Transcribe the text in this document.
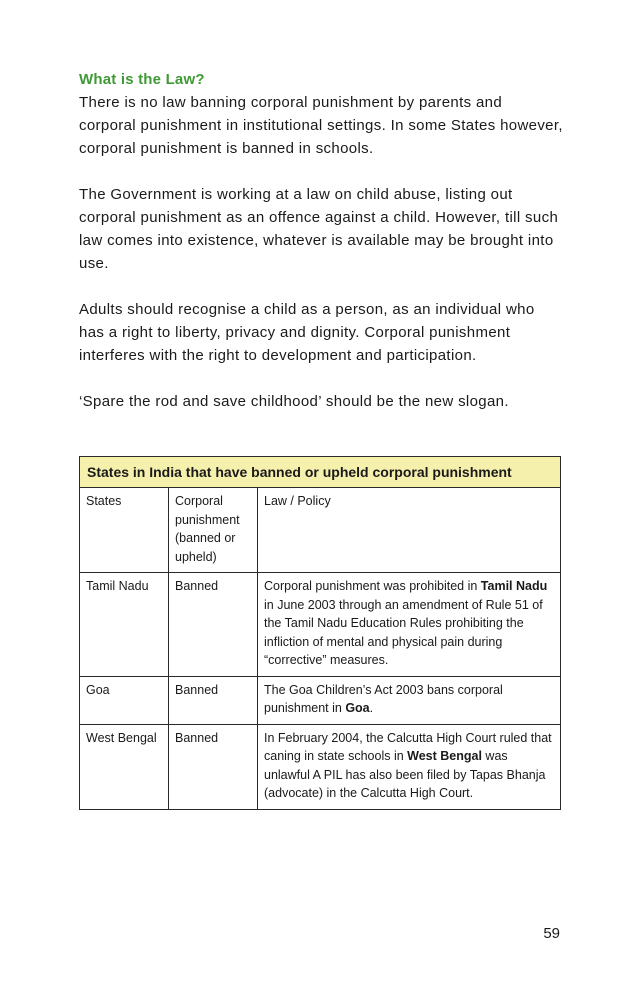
What is the Law?

There is no law banning corporal punishment by parents and corporal punishment in institutional settings. In some States however, corporal punishment is banned in schools.

The Government is working at a law on child abuse, listing out corporal punishment as an offence against a child. However, till such law comes into existence, whatever is available may be brought into use.

Adults should recognise a child as a person, as an individual who has a right to liberty, privacy and dignity. Corporal punishment interferes with the right to development and participation.

‘Spare the rod and save childhood’ should be the new slogan.

States in India that have banned or upheld corporal punishment		
States	Corporal punishment (banned or upheld)	Law / Policy
Tamil Nadu	Banned	Corporal punishment was prohibited in Tamil Nadu in June 2003 through an amendment of Rule 51 of the Tamil Nadu Education Rules prohibiting the infliction of mental and physical pain during “corrective” measures.
Goa	Banned	The Goa Children’s Act 2003 bans corporal punishment in Goa.
West Bengal	Banned	In February 2004, the Calcutta High Court ruled that caning in state schools in West Bengal was unlawful A PIL has also been filed by Tapas Bhanja (advocate) in the Calcutta High Court.
59
